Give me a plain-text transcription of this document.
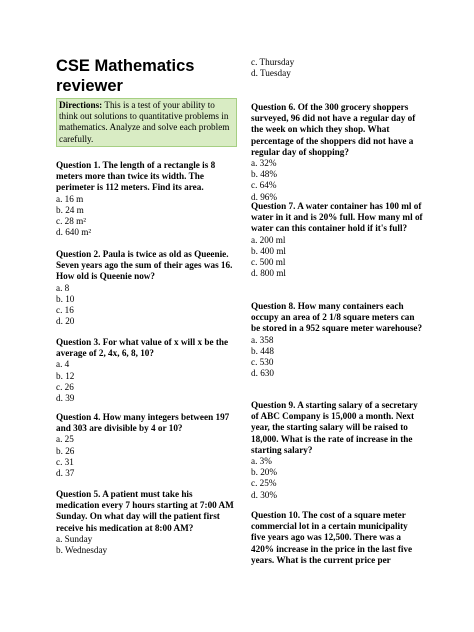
CSE Mathematics
reviewer
Directions: This is a test of your ability to think out solutions to quantitative problems in mathematics. Analyze and solve each problem carefully.
Question 1. The length of a rectangle is 8 meters more than twice its width. The perimeter is 112 meters. Find its area.
a. 16 m
b. 24 m
c. 28 m²
d. 640 m²
Question 2. Paula is twice as old as Queenie. Seven years ago the sum of their ages was 16. How old is Queenie now?
a. 8
b. 10
c. 16
d. 20
Question 3. For what value of x will x be the average of 2, 4x, 6, 8, 10?
a. 4
b. 12
c. 26
d. 39
Question 4. How many integers between 197 and 303 are divisible by 4 or 10?
a. 25
b. 26
c. 31
d. 37
Question 5. A patient must take his medication every 7 hours starting at 7:00 AM Sunday. On what day will the patient first receive his medication at 8:00 AM?
a. Sunday
b. Wednesday
c. Thursday
d. Tuesday
Question 6. Of the 300 grocery shoppers surveyed, 96 did not have a regular day of the week on which they shop. What percentage of the shoppers did not have a regular day of shopping?
a. 32%
b. 48%
c. 64%
d. 96%
Question 7. A water container has 100 ml of water in it and is 20% full. How many ml of water can this container hold if it's full?
a. 200 ml
b. 400 ml
c. 500 ml
d. 800 ml
Question 8. How many containers each occupy an area of 2 1/8 square meters can be stored in a 952 square meter warehouse?
a. 358
b. 448
c. 530
d. 630
Question 9. A starting salary of a secretary of ABC Company is 15,000 a month. Next year, the starting salary will be raised to 18,000. What is the rate of increase in the starting salary?
a. 3%
b. 20%
c. 25%
d. 30%
Question 10. The cost of a square meter commercial lot in a certain municipality five years ago was 12,500. There was a 420% increase in the price in the last five years. What is the current price per
